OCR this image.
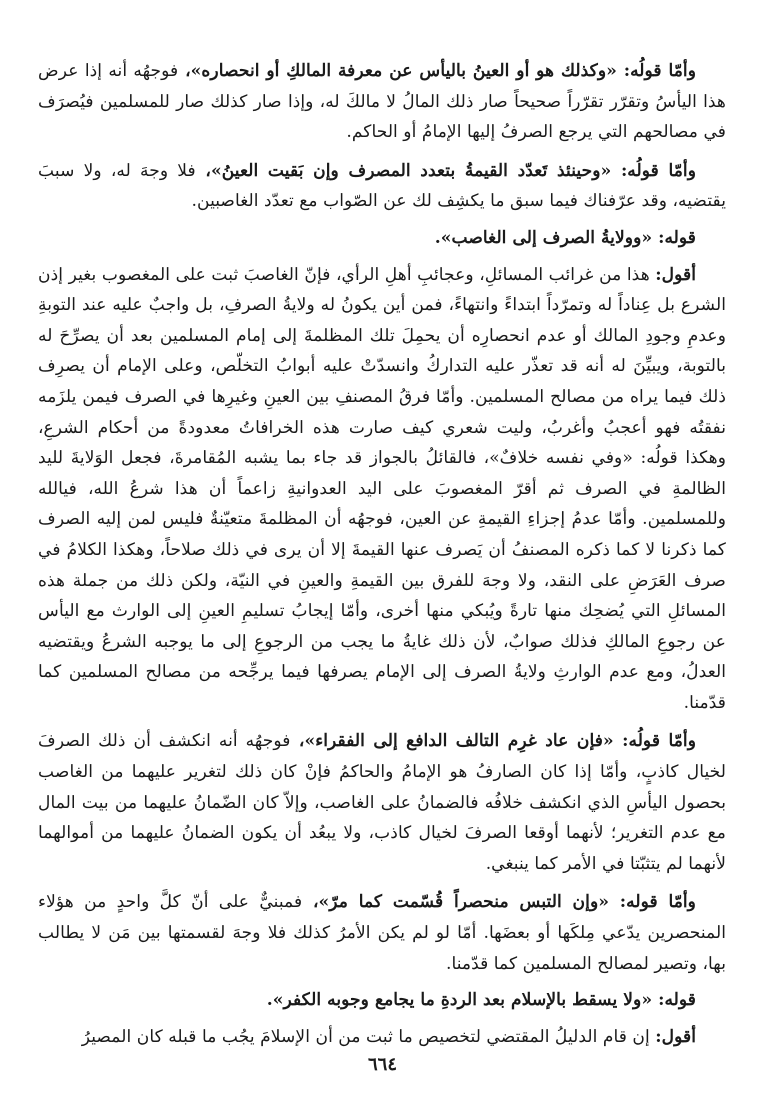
وأمّا قولُه: «وكذلك هو أو العينُ باليأس عن معرفة المالكِ أو انحصاره»، فوجهُه أنه إذا عرض هذا اليأسُ وتقرّر تقرّراً صحيحاً صار ذلك المالُ لا مالكَ له، وإذا صار كذلك صار للمسلمين فيُصرَف في مصالحهم التي يرجع الصرفُ إليها الإمامُ أو الحاكم.

وأمّا قولُه: «وحينئذ تَعدّد القيمةُ بتعدد المصرف وإن بَقيت العينُ»، فلا وجهَ له، ولا سببَ يقتضيه، وقد عرّفناك فيما سبق ما يكشِف لك عن الصّواب مع تعدّد الغاصبين.

قوله: «وولايةُ الصرف إلى الغاصب».

أقول: هذا من غرائب المسائلِ، وعجائبِ أهلِ الرأي، فإنّ الغاصبَ ثبت على المغصوب بغير إذن الشرع بل عِناداً له وتمرّداً ابتداءً وانتهاءً، فمن أين يكونُ له ولايةُ الصرفِ، بل واجبٌ عليه عند التوبةِ وعدمِ وجودِ المالك أو عدم انحصارِه أن يحمِلَ تلك المظلمةَ إلى إمام المسلمين بعد أن يصرِّحَ له بالتوبة، ويبيِّنَ له أنه قد تعذّر عليه التداركُ وانسدّتْ عليه أبوابُ التخلّص، وعلى الإمام أن يصرِف ذلك فيما يراه من مصالح المسلمين. وأمّا فرقُ المصنفِ بين العينِ وغيرِها في الصرف فيمن يلزَمه نفقتُه فهو أعجبُ وأغربُ، وليت شعري كيف صارت هذه الخرافاتُ معدودةً من أحكام الشرعِ، وهكذا قولُه: «وفي نفسه خلافٌ»، فالقائلُ بالجواز قد جاء بما يشبه المُقامرةَ، فجعل الوَلايةَ لليد الظالمةِ في الصرف ثم أقرّ المغصوبَ على اليد العدوانيةِ زاعماً أن هذا شرعُ الله، فيالله وللمسلمين. وأمّا عدمُ إجزاءِ القيمةِ عن العين، فوجهُه أن المظلمةَ متعيّنةٌ فليس لمن إليه الصرف كما ذكرنا لا كما ذكره المصنفُ أن يَصرف عنها القيمةَ إلا أن يرى في ذلك صلاحاً، وهكذا الكلامُ في صرف العَرَضِ على النقد، ولا وجهَ للفرق بين القيمةِ والعينِ في النيّة، ولكن ذلك من جملة هذه المسائلِ التي يُضحِك منها تارةً ويُبكي منها أخرى، وأمّا إيجابُ تسليمِ العينِ إلى الوارث مع اليأس عن رجوعِ المالكِ فذلك صوابٌ، لأن ذلك غايةُ ما يجب من الرجوعِ إلى ما يوجبه الشرعُ ويقتضيه العدلُ، ومع عدم الوارثِ ولايةُ الصرف إلى الإمام يصرفها فيما يرجِّحه من مصالح المسلمين كما قدّمنا.

وأمّا قولُه: «فإن عاد غرِم التالف الدافع إلى الفقراء»، فوجهُه أنه انكشف أن ذلك الصرفَ لخيال كاذبٍ، وأمّا إذا كان الصارفُ هو الإمامُ والحاكمُ فإنْ كان ذلك لتغرير عليهما من الغاصب بحصول اليأسِ الذي انكشف خلافُه فالضمانُ على الغاصب، وإلاّ كان الضّمانُ عليهما من بيت المال مع عدم التغرير؛ لأنهما أوقعا الصرفَ لخيال كاذب، ولا يبعُد أن يكون الضمانُ عليهما من أموالهما لأنهما لم يتثبّتا في الأمر كما ينبغي.

وأمّا قوله: «وإن التبس منحصراً قُسّمت كما مرّ»، فمبنيٌّ على أنّ كلَّ واحدٍ من هؤلاء المنحصرين يدّعي مِلكَها أو بعضَها. أمّا لو لم يكن الأمرُ كذلك فلا وجهَ لقسمتها بين مَن لا يطالب بها، وتصير لمصالح المسلمين كما قدّمنا.

قوله: «ولا يسقط بالإسلام بعد الردةِ ما يجامع وجوبه الكفر».

أقول: إن قام الدليلُ المقتضي لتخصيص ما ثبت من أن الإسلامَ يجُب ما قبله كان المصيرُ

٦٦٤
